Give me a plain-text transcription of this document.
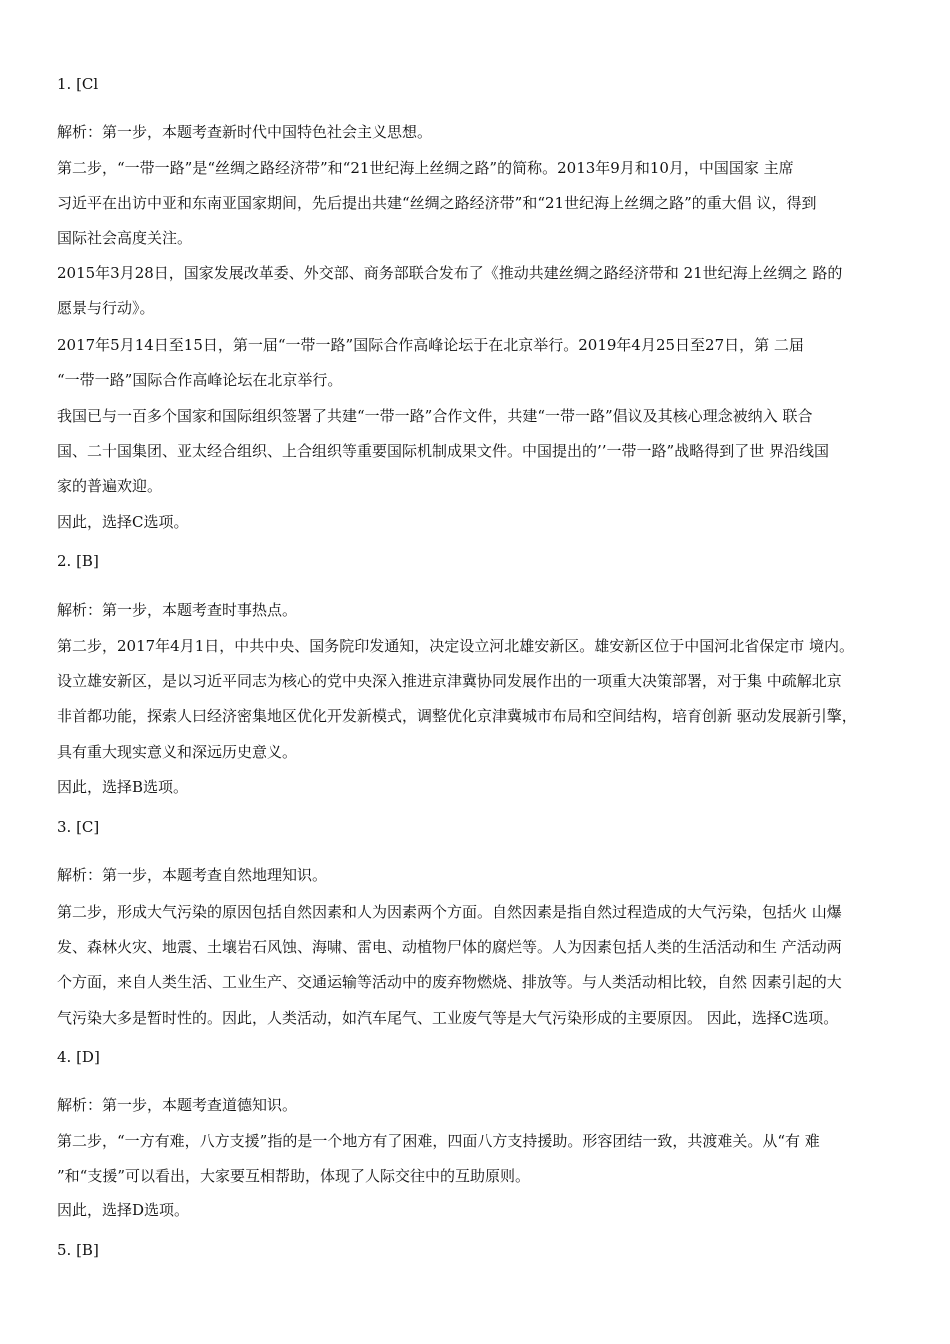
1. [Cl
解析：第一步，本题考查新时代中国特色社会主义思想。
第二步，“一带一路”是“丝绸之路经济带”和“21世纪海上丝绸之路”的简称。2013年9月和10月，中国国家 主席
习近平在出访中亚和东南亚国家期间，先后提出共建“丝绸之路经济带”和“21世纪海上丝绸之路”的重大倡 议，得到
国际社会高度关注。
2015年3月28日，国家发展改革委、外交部、商务部联合发布了《推动共建丝绸之路经济带和 21世纪海上丝绸之 路的
愿景与行动》。
2017年5月14日至15日，第一届“一带一路”国际合作高峰论坛于在北京举行。2019年4月25日至27日，第 二届
“一带一路”国际合作高峰论坛在北京举行。
我国已与一百多个国家和国际组织签署了共建“一带一路”合作文件，共建“一带一路”倡议及其核心理念被纳入 联合
国、二十国集团、亚太经合组织、上合组织等重要国际机制成果文件。中国提出的’’一带一路”战略得到了世 界沿线国
家的普遍欢迎。
因此，选择C选项。
2. [B]
解析：第一步，本题考查时事热点。
第二步，2017年4月1日，中共中央、国务院印发通知，决定设立河北雄安新区。雄安新区位于中国河北省保定市 境内。
设立雄安新区，是以习近平同志为核心的党中央深入推进京津冀协同发展作出的一项重大决策部署，对于集 中疏解北京
非首都功能，探索人曰经济密集地区优化开发新模式，调整优化京津冀城市布局和空间结构，培育创新 驱动发展新引擎，
具有重大现实意义和深远历史意义。
因此，选择B选项。
3. [C]
解析：第一步，本题考查自然地理知识。
第二步，形成大气污染的原因包括自然因素和人为因素两个方面。自然因素是指自然过程造成的大气污染，包括火 山爆
发、森林火灾、地震、土壤岩石风蚀、海啸、雷电、动植物尸体的腐烂等。人为因素包括人类的生活活动和生 产活动两
个方面，来自人类生活、工业生产、交通运输等活动中的废弃物燃烧、排放等。与人类活动相比较，自然 因素引起的大
气污染大多是暂时性的。因此，人类活动，如汽车尾气、工业废气等是大气污染形成的主要原因。 因此，选择C选项。
4. [D]
解析：第一步，本题考查道德知识。
第二步，“一方有难，八方支援”指的是一个地方有了困难，四面八方支持援助。形容团结一致，共渡难关。从“有 难
”和“支援”可以看出，大家要互相帮助，体现了人际交往中的互助原则。
因此，选择D选项。
5. [B]
